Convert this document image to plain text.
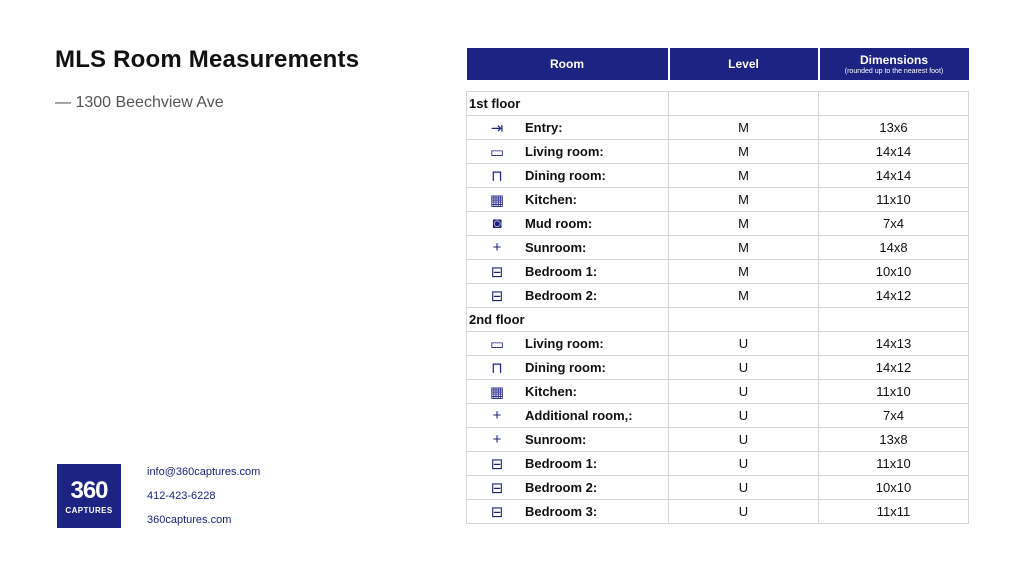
MLS Room Measurements
— 1300 Beechview Ave
360
CAPTURES
info@360captures.com
412-423-6228
360captures.com
Room	Level	Dimensions
(rounded up to the nearest foot)

1st floor		
⇥ Entry:	M	13x6
▭ Living room:	M	14x14
⊓ Dining room:	M	14x14
▦ Kitchen:	M	11x10
◙ Mud room:	M	7x4
+ Sunroom:	M	14x8
⊟ Bedroom 1:	M	10x10
⊟ Bedroom 2:	M	14x12
2nd floor		
▭ Living room:	U	14x13
⊓ Dining room:	U	14x12
▦ Kitchen:	U	11x10
+ Additional room,:	U	7x4
+ Sunroom:	U	13x8
⊟ Bedroom 1:	U	11x10
⊟ Bedroom 2:	U	10x10
⊟ Bedroom 3:	U	11x11
